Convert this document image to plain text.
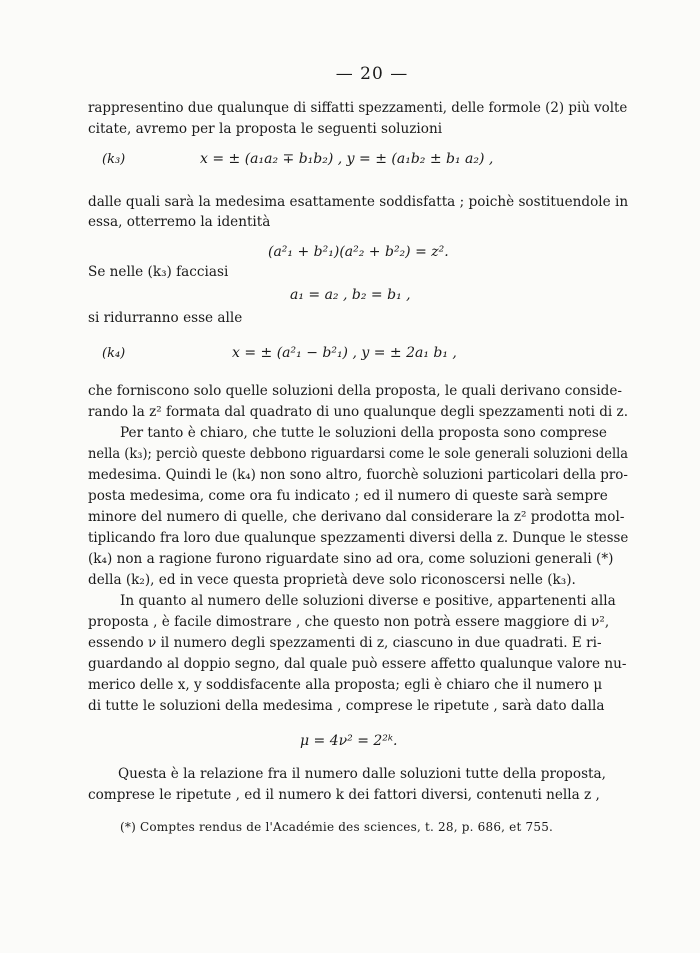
— 20 —
rappresentino due qualunque di siffatti spezzamenti, delle formole (2) più volte
citate, avremo per la proposta le seguenti soluzioni
(k₃)	x = ± (a₁a₂ ∓ b₁b₂) , y = ± (a₁b₂ ± b₁ a₂) ,
dalle quali sarà la medesima esattamente soddisfatta ; poichè sostituendole in
essa, otterremo la identità
(a²₁ + b²₁)(a²₂ + b²₂) = z².
Se nelle (k₃) facciasi
a₁ = a₂ , b₂ = b₁ ,
si ridurranno esse alle
(k₄)	x = ± (a²₁ − b²₁) , y = ± 2a₁ b₁ ,
che forniscono solo quelle soluzioni della proposta, le quali derivano conside-
rando la z² formata dal quadrato di uno qualunque degli spezzamenti noti di z.
Per tanto è chiaro, che tutte le soluzioni della proposta sono comprese
nella (k₃); perciò queste debbono riguardarsi come le sole generali soluzioni della
medesima. Quindi le (k₄) non sono altro, fuorchè soluzioni particolari della pro-
posta medesima, come ora fu indicato ; ed il numero di queste sarà sempre
minore del numero di quelle, che derivano dal considerare la z² prodotta mol-
tiplicando fra loro due qualunque spezzamenti diversi della z. Dunque le stesse
(k₄) non a ragione furono riguardate sino ad ora, come soluzioni generali (*)
della (k₂), ed in vece questa proprietà deve solo riconoscersi nelle (k₃).
In quanto al numero delle soluzioni diverse e positive, appartenenti alla
proposta , è facile dimostrare , che questo non potrà essere maggiore di ν²,
essendo ν il numero degli spezzamenti di z, ciascuno in due quadrati. E ri-
guardando al doppio segno, dal quale può essere affetto qualunque valore nu-
merico delle x, y soddisfacente alla proposta; egli è chiaro che il numero μ
di tutte le soluzioni della medesima , comprese le ripetute , sarà dato dalla
μ = 4ν² = 2²ᵏ.
Questa è la relazione fra il numero dalle soluzioni tutte della proposta,
comprese le ripetute , ed il numero k dei fattori diversi, contenuti nella z ,
(*) Comptes rendus de l'Académie des sciences, t. 28, p. 686, et 755.
